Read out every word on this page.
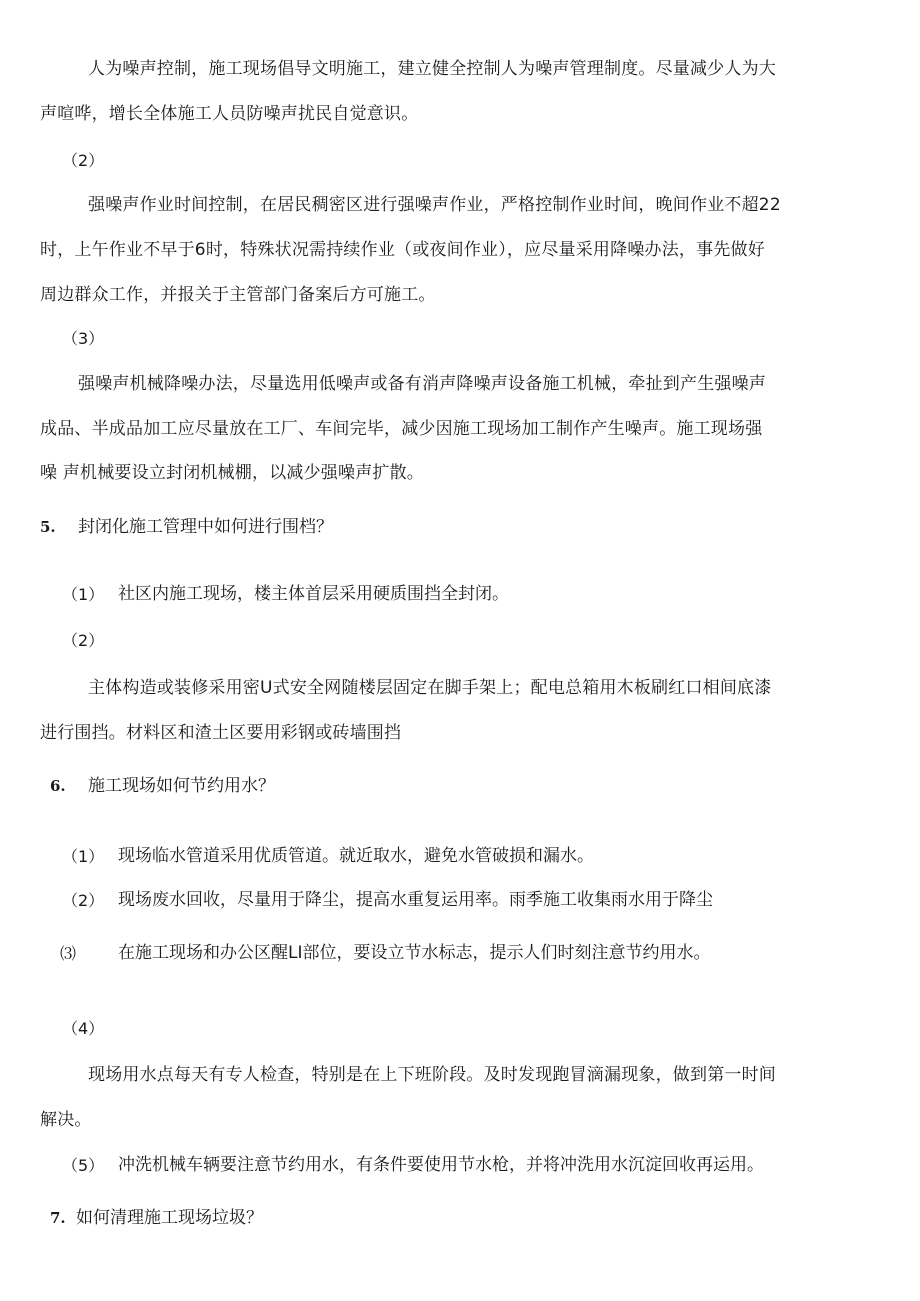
人为噪声控制，施工现场倡导文明施工，建立健全控制人为噪声管理制度。尽量减少人为大
声喧哗，增长全体施工人员防噪声扰民自觉意识。
（2）
强噪声作业时间控制，在居民稠密区进行强噪声作业，严格控制作业时间，晚间作业不超22
时，上午作业不早于6时，特殊状况需持续作业（或夜间作业），应尽量采用降噪办法，事先做好
周边群众工作，并报关于主管部门备案后方可施工。
（3）
强噪声机械降噪办法，尽量选用低噪声或备有消声降噪声设备施工机械，牵扯到产生强噪声
成品、半成品加工应尽量放在工厂、车间完毕，减少因施工现场加工制作产生噪声。施工现场强
噪 声机械要设立封闭机械棚，以减少强噪声扩散。
5. 封闭化施工管理中如何进行围档？
（1） 社区内施工现场，楼主体首层采用硬质围挡全封闭。
（2）
主体构造或装修采用密U式安全网随楼层固定在脚手架上；配电总箱用木板刷红口相间底漆
进行围挡。材料区和渣土区要用彩钢或砖墙围挡
6. 施工现场如何节约用水？
（1） 现场临水管道采用优质管道。就近取水，避免水管破损和漏水。
（2） 现场废水回收，尽量用于降尘，提高水重复运用率。雨季施工收集雨水用于降尘
⑶ 在施工现场和办公区醒LI部位，要设立节水标志，提示人们时刻注意节约用水。
（4）
现场用水点每天有专人检查，特别是在上下班阶段。及时发现跑冒滴漏现象，做到第一时间
解决。
（5） 冲洗机械车辆要注意节约用水，有条件要使用节水枪，并将冲洗用水沉淀回收再运用。
7. 如何清理施工现场垃圾？
